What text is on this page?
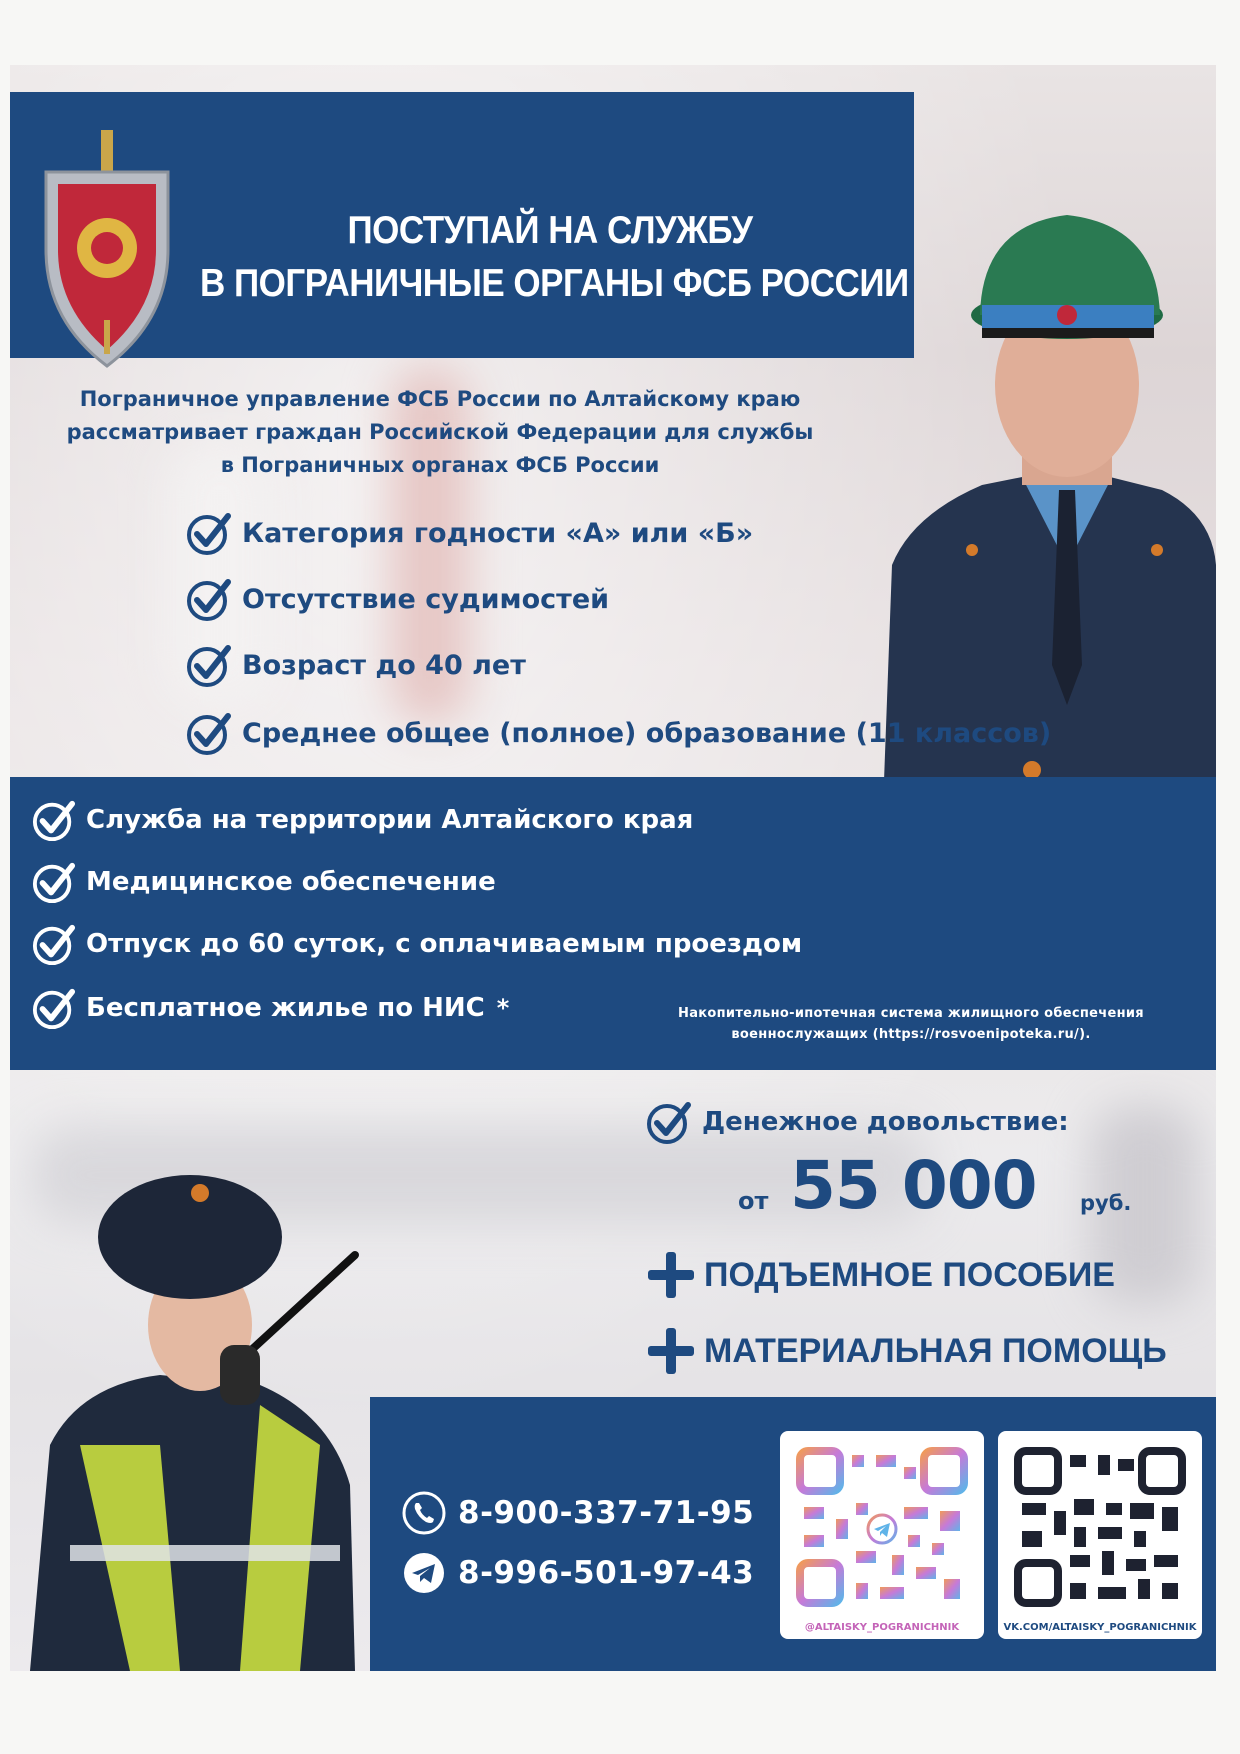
ПОСТУПАЙ НА СЛУЖБУ
В ПОГРАНИЧНЫЕ ОРГАНЫ ФСБ РОССИИ
Пограничное управление ФСБ России по Алтайскому краю
рассматривает граждан Российской Федерации для службы
в Пограничных органах ФСБ России
Категория годности «А» или «Б»
Отсутствие судимостей
Возраст до 40 лет
Среднее общее (полное) образование (11 классов)
Служба на территории Алтайского края
Медицинское обеспечение
Отпуск до 60 суток, с оплачиваемым проездом
Бесплатное жилье по НИС *	Накопительно-ипотечная система жилищного обеспечения
военнослужащих (https://rosvoenipoteka.ru/).
Денежное довольствие:
от 55 000 руб.
ПОДЪЕМНОЕ ПОСОБИЕ
МАТЕРИАЛЬНАЯ ПОМОЩЬ
8-900-337-71-95
8-996-501-97-43
@ALTAISKY_POGRANICHNIK	VK.COM/ALTAISKY_POGRANICHNIK
